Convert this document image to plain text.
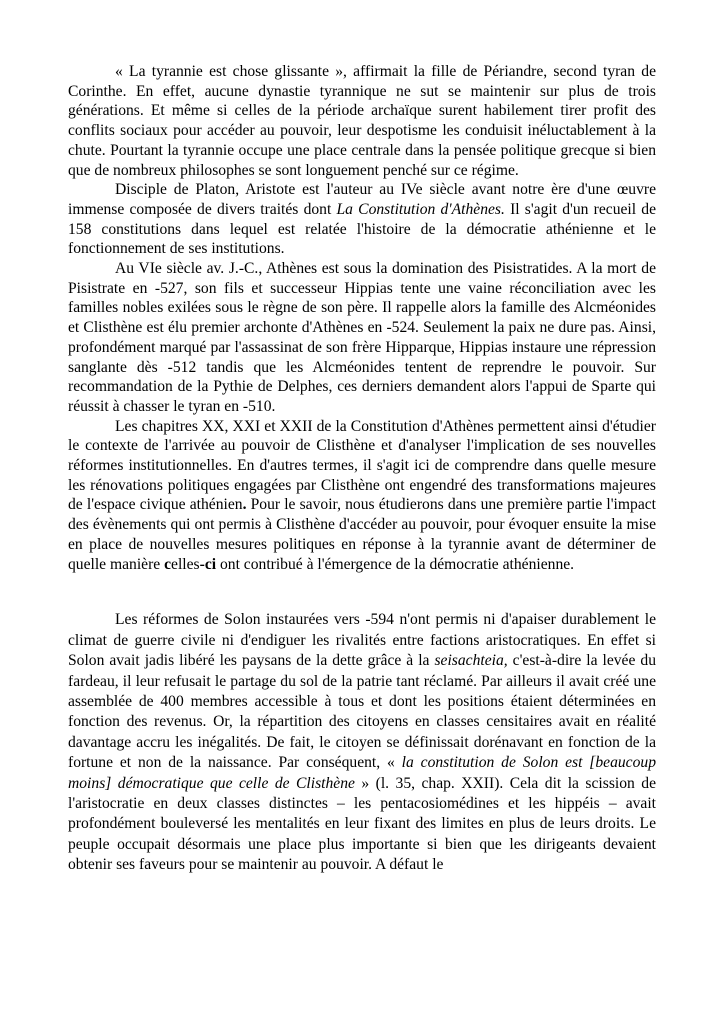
« La tyrannie est chose glissante », affirmait la fille de Périandre, second tyran de Corinthe. En effet, aucune dynastie tyrannique ne sut se maintenir sur plus de trois générations. Et même si celles de la période archaïque surent habilement tirer profit des conflits sociaux pour accéder au pouvoir, leur despotisme les conduisit inéluctablement à la chute. Pourtant la tyrannie occupe une place centrale dans la pensée politique grecque si bien que de nombreux philosophes se sont longuement penché sur ce régime.

Disciple de Platon, Aristote est l'auteur au IVe siècle avant notre ère d'une œuvre immense composée de divers traités dont La Constitution d'Athènes. Il s'agit d'un recueil de 158 constitutions dans lequel est relatée l'histoire de la démocratie athénienne et le fonctionnement de ses institutions.

Au VIe siècle av. J.-C., Athènes est sous la domination des Pisistratides. A la mort de Pisistrate en -527, son fils et successeur Hippias tente une vaine réconciliation avec les familles nobles exilées sous le règne de son père. Il rappelle alors la famille des Alcméonides et Clisthène est élu premier archonte d'Athènes en -524. Seulement la paix ne dure pas. Ainsi, profondément marqué par l'assassinat de son frère Hipparque, Hippias instaure une répression sanglante dès -512 tandis que les Alcméonides tentent de reprendre le pouvoir. Sur recommandation de la Pythie de Delphes, ces derniers demandent alors l'appui de Sparte qui réussit à chasser le tyran en -510.

Les chapitres XX, XXI et XXII de la Constitution d'Athènes permettent ainsi d'étudier le contexte de l'arrivée au pouvoir de Clisthène et d'analyser l'implication de ses nouvelles réformes institutionnelles. En d'autres termes, il s'agit ici de comprendre dans quelle mesure les rénovations politiques engagées par Clisthène ont engendré des transformations majeures de l'espace civique athénien. Pour le savoir, nous étudierons dans une première partie l'impact des évènements qui ont permis à Clisthène d'accéder au pouvoir, pour évoquer ensuite la mise en place de nouvelles mesures politiques en réponse à la tyrannie avant de déterminer de quelle manière celles-ci ont contribué à l'émergence de la démocratie athénienne.

Les réformes de Solon instaurées vers -594 n'ont permis ni d'apaiser durablement le climat de guerre civile ni d'endiguer les rivalités entre factions aristocratiques. En effet si Solon avait jadis libéré les paysans de la dette grâce à la seisachteia, c'est-à-dire la levée du fardeau, il leur refusait le partage du sol de la patrie tant réclamé. Par ailleurs il avait créé une assemblée de 400 membres accessible à tous et dont les positions étaient déterminées en fonction des revenus. Or, la répartition des citoyens en classes censitaires avait en réalité davantage accru les inégalités. De fait, le citoyen se définissait dorénavant en fonction de la fortune et non de la naissance. Par conséquent, « la constitution de Solon est [beaucoup moins] démocratique que celle de Clisthène » (l. 35, chap. XXII). Cela dit la scission de l'aristocratie en deux classes distinctes – les pentacosiomédines et les hippéis – avait profondément bouleversé les mentalités en leur fixant des limites en plus de leurs droits. Le peuple occupait désormais une place plus importante si bien que les dirigeants devaient obtenir ses faveurs pour se maintenir au pouvoir. A défaut le
